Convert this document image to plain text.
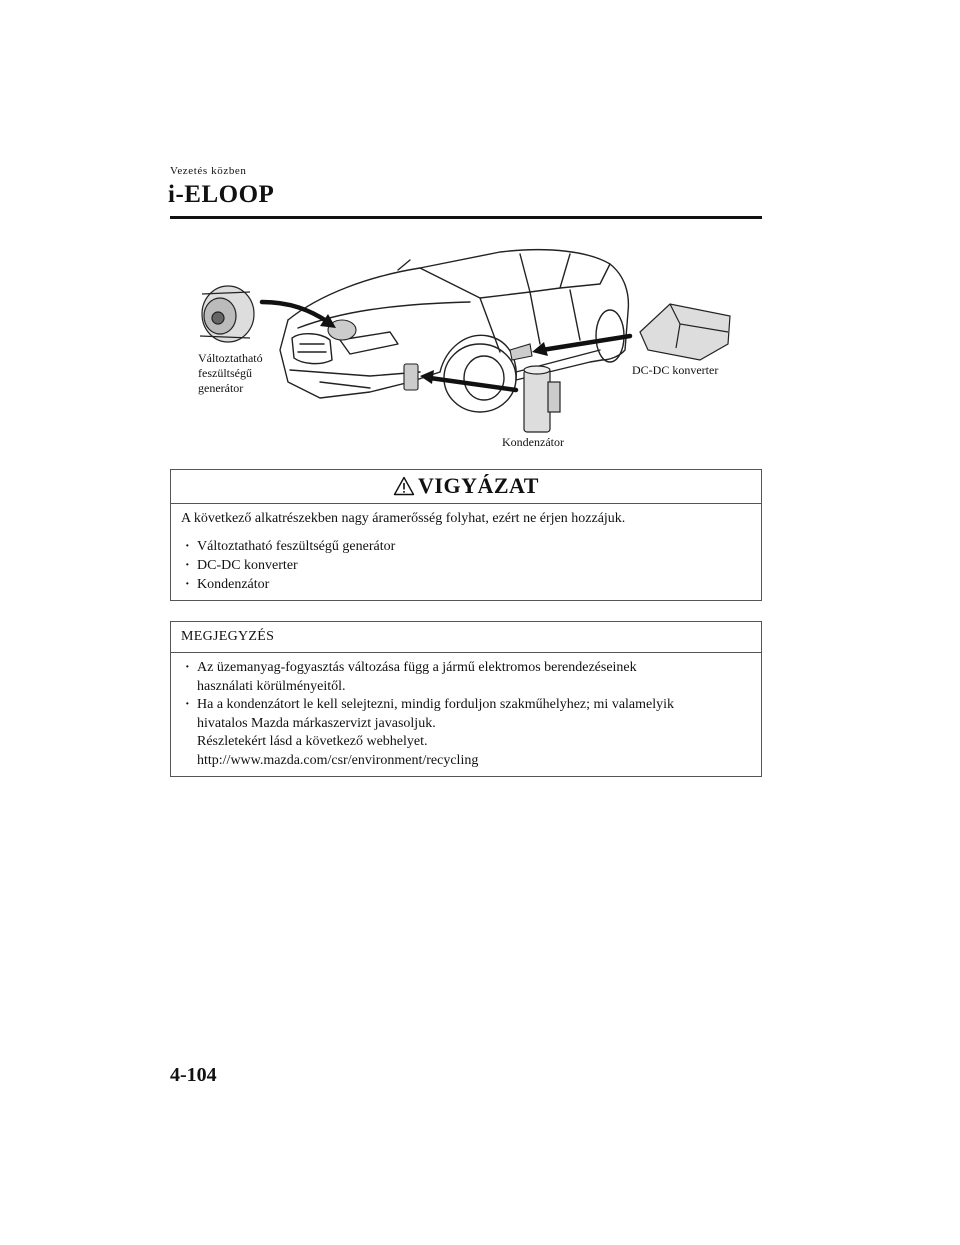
Vezetés közben
i-ELOOP
Változtatható feszültségű generátor
DC-DC konverter
Kondenzátor
VIGYÁZAT
A következő alkatrészekben nagy áramerősség folyhat, ezért ne érjen hozzájuk.
· Változtatható feszültségű generátor
· DC-DC konverter
· Kondenzátor
MEGJEGYZÉS
· Az üzemanyag-fogyasztás változása függ a jármű elektromos berendezéseinek
használati körülményeitől.
· Ha a kondenzátort le kell selejtezni, mindig forduljon szakműhelyhez; mi valamelyik
hivatalos Mazda márkaszervizt javasoljuk.
Részletekért lásd a következő webhelyet.
http://www.mazda.com/csr/environment/recycling
4-104
